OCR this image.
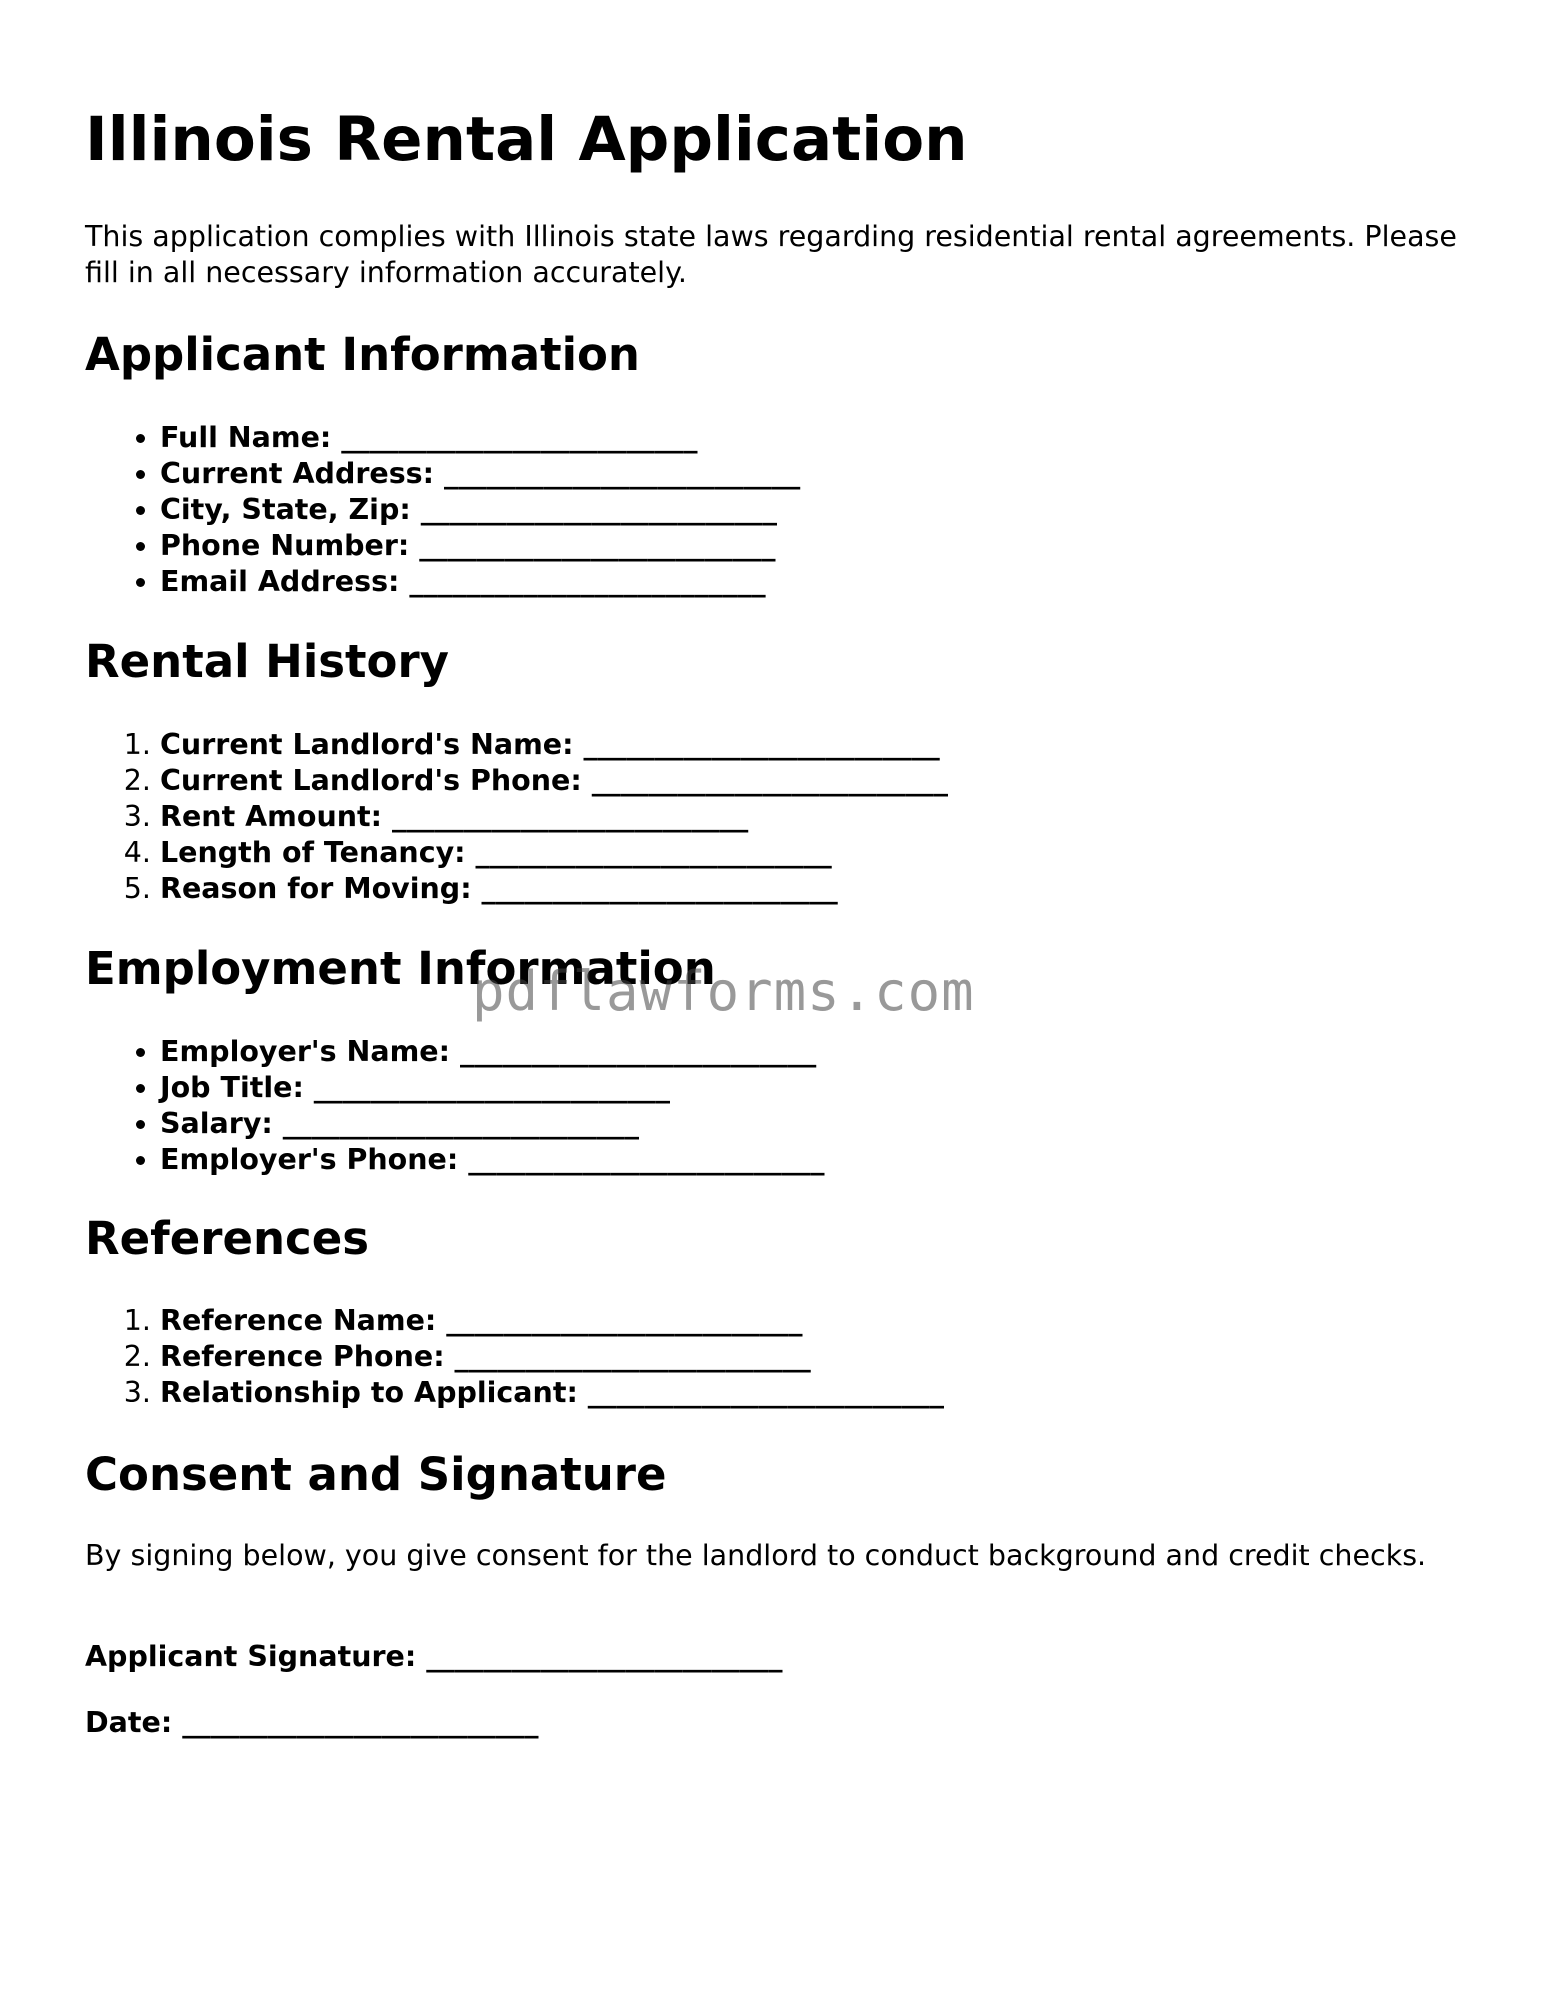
Illinois Rental Application

This application complies with Illinois state laws regarding residential rental agreements. Please fill in all necessary information accurately.

Applicant Information
• Full Name: _________________________
• Current Address: _________________________
• City, State, Zip: _________________________
• Phone Number: _________________________
• Email Address: _________________________
Rental History
1. Current Landlord's Name: _________________________
2. Current Landlord's Phone: _________________________
3. Rent Amount: _________________________
4. Length of Tenancy: _________________________
5. Reason for Moving: _________________________
Employment Information
• Employer's Name: _________________________
• Job Title: _________________________
• Salary: _________________________
• Employer's Phone: _________________________
References
1. Reference Name: _________________________
2. Reference Phone: _________________________
3. Relationship to Applicant: _________________________
Consent and Signature

By signing below, you give consent for the landlord to conduct background and credit checks.

Applicant Signature: _________________________

Date: _________________________

pdflawforms.com
